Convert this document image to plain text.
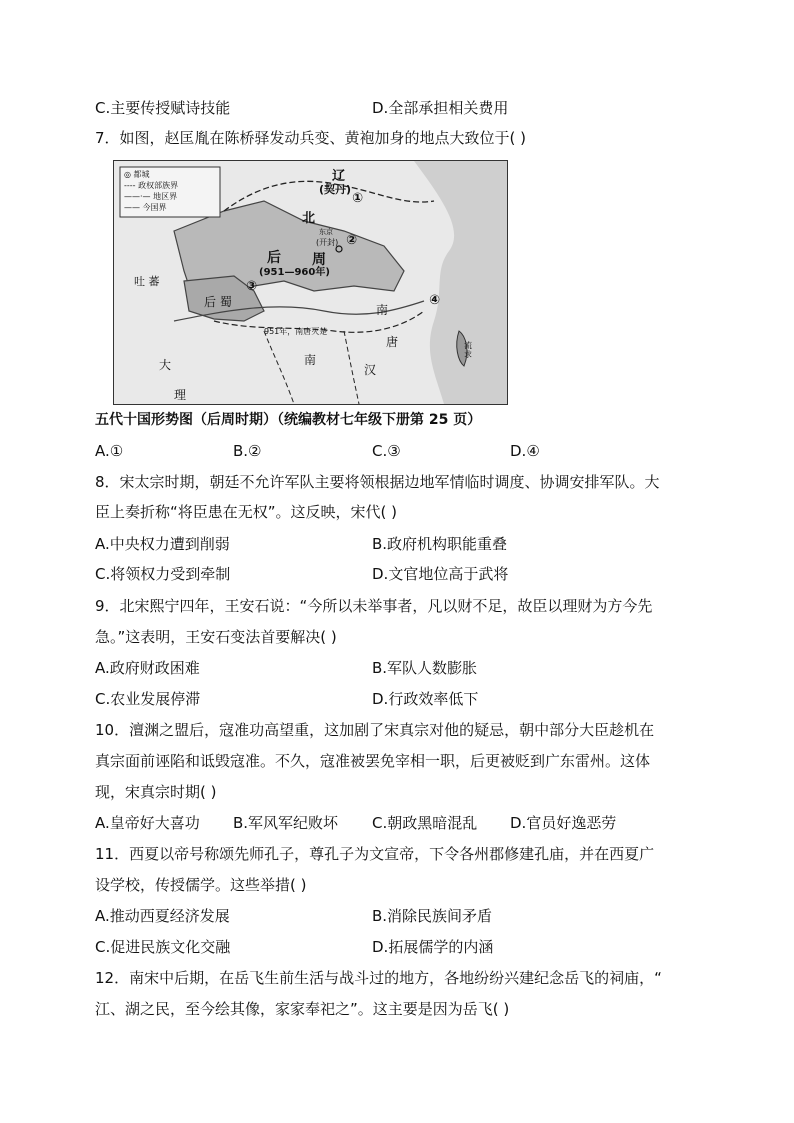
C.主要传授赋诗技能	D.全部承担相关费用
7．如图，赵匡胤在陈桥驿发动兵变、黄袍加身的地点大致位于( )
◎ 都城
---- 政权部族界
——·— 地区界
—— 今国界
辽
(契丹)
①
北
东京
(开封) ②
后 周
(951—960年)
吐 蕃	③
后 蜀	④
南
951年，南唐灭楚
唐	流求
南
大	汉
理
五代十国形势图（后周时期）（统编教材七年级下册第 25 页）
A.①	B.②	C.③	D.④
8．宋太宗时期，朝廷不允许军队主要将领根据边地军情临时调度、协调安排军队。大
臣上奏折称“将臣患在无权”。这反映，宋代( )
A.中央权力遭到削弱	B.政府机构职能重叠
C.将领权力受到牵制	D.文官地位高于武将
9．北宋熙宁四年，王安石说：“今所以未举事者，凡以财不足，故臣以理财为方今先
急。”这表明，王安石变法首要解决( )
A.政府财政困难	B.军队人数膨胀
C.农业发展停滞	D.行政效率低下
10．澶渊之盟后，寇准功高望重，这加剧了宋真宗对他的疑忌，朝中部分大臣趁机在
真宗面前诬陷和诋毁寇准。不久，寇准被罢免宰相一职，后更被贬到广东雷州。这体
现，宋真宗时期( )
A.皇帝好大喜功 B.军风军纪败坏 C.朝政黑暗混乱 D.官员好逸恶劳
11．西夏以帝号称颂先师孔子，尊孔子为文宣帝，下令各州郡修建孔庙，并在西夏广
设学校，传授儒学。这些举措( )
A.推动西夏经济发展	B.消除民族间矛盾
C.促进民族文化交融	D.拓展儒学的内涵
12．南宋中后期，在岳飞生前生活与战斗过的地方，各地纷纷兴建纪念岳飞的祠庙，“
江、湖之民，至今绘其像，家家奉祀之”。这主要是因为岳飞( )
